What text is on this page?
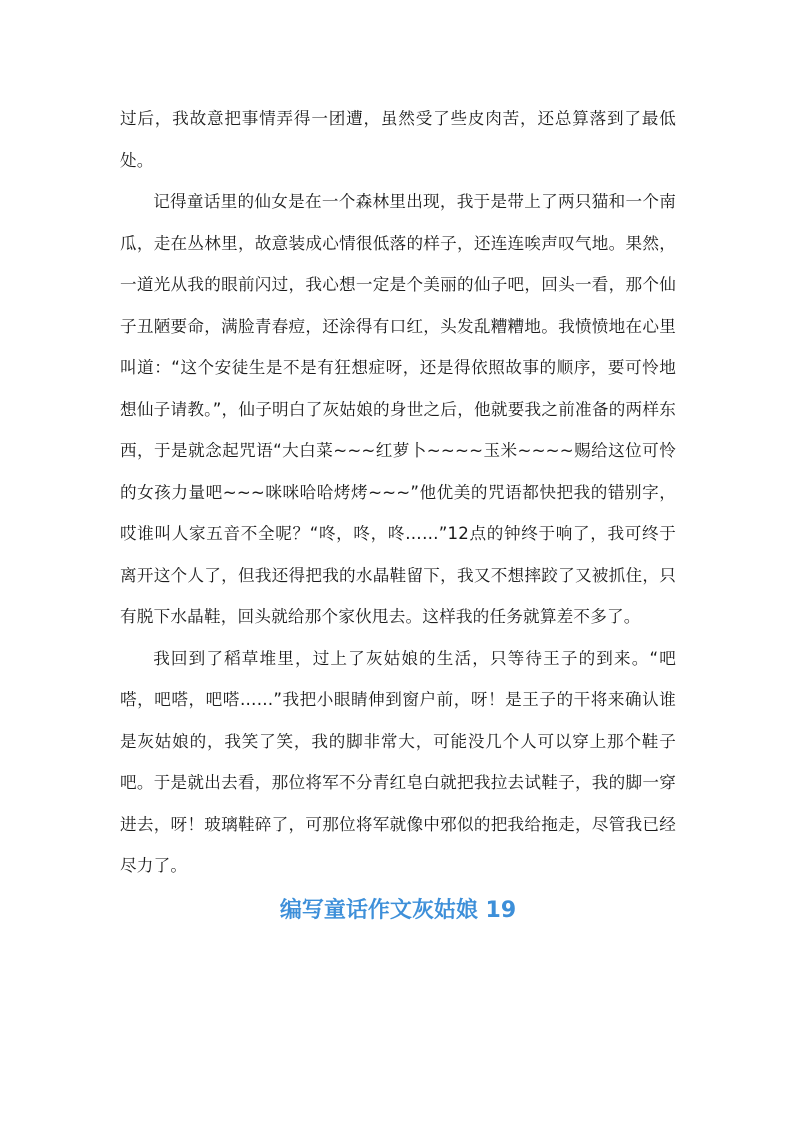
过后，我故意把事情弄得一团遭，虽然受了些皮肉苦，还总算落到了最低处。

记得童话里的仙女是在一个森林里出现，我于是带上了两只猫和一个南瓜，走在丛林里，故意装成心情很低落的样子，还连连唉声叹气地。果然，一道光从我的眼前闪过，我心想一定是个美丽的仙子吧，回头一看，那个仙子丑陋要命，满脸青春痘，还涂得有口红，头发乱糟糟地。我愤愤地在心里叫道：“这个安徒生是不是有狂想症呀，还是得依照故事的顺序，要可怜地想仙子请教。”，仙子明白了灰姑娘的身世之后，他就要我之前准备的两样东西，于是就念起咒语“大白菜~~~红萝卜~~~~玉米~~~~赐给这位可怜的女孩力量吧~~~咪咪哈哈烤烤~~~”他优美的咒语都快把我的错别字，哎谁叫人家五音不全呢？“咚，咚，咚……”12点的钟终于响了，我可终于离开这个人了，但我还得把我的水晶鞋留下，我又不想摔跤了又被抓住，只有脱下水晶鞋，回头就给那个家伙甩去。这样我的任务就算差不多了。

我回到了稻草堆里，过上了灰姑娘的生活，只等待王子的到来。“吧嗒，吧嗒，吧嗒……”我把小眼睛伸到窗户前，呀！是王子的干将来确认谁是灰姑娘的，我笑了笑，我的脚非常大，可能没几个人可以穿上那个鞋子吧。于是就出去看，那位将军不分青红皂白就把我拉去试鞋子，我的脚一穿进去，呀！玻璃鞋碎了，可那位将军就像中邪似的把我给拖走，尽管我已经尽力了。

编写童话作文灰姑娘 19
